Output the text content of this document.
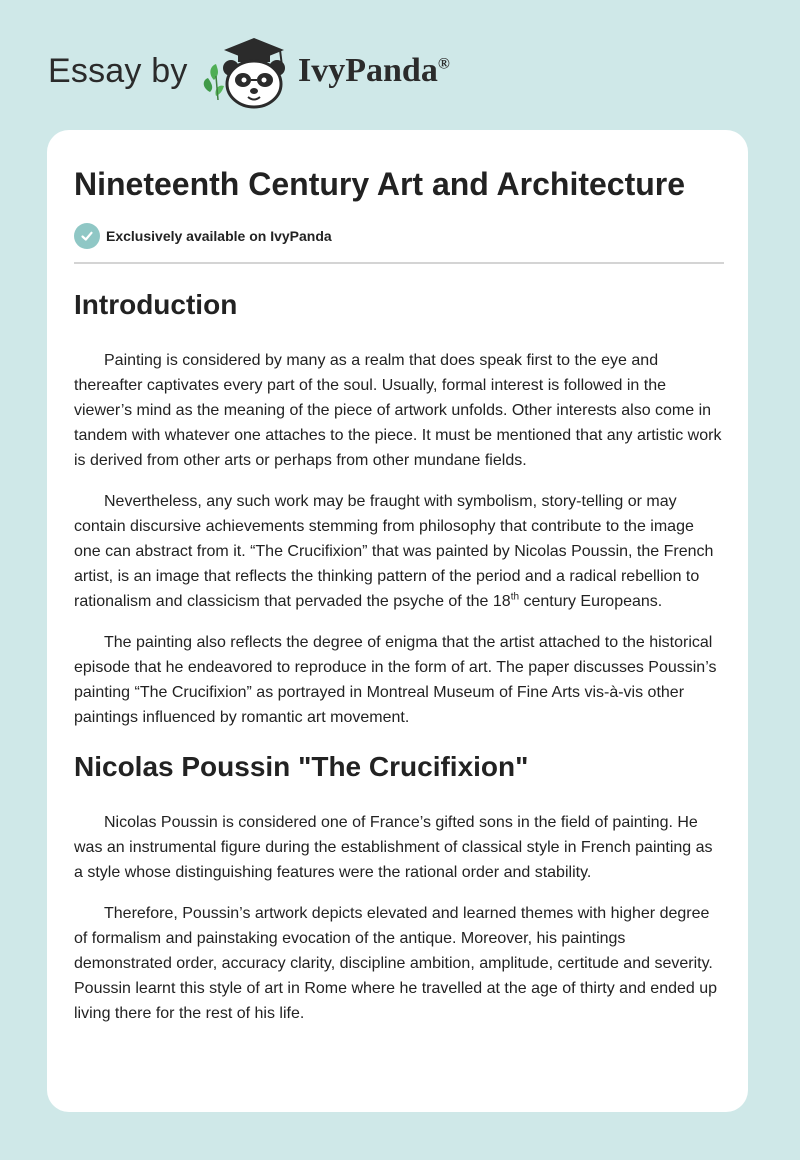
Essay by	IvyPanda®
Nineteenth Century Art and Architecture
Exclusively available on IvyPanda
Introduction

Painting is considered by many as a realm that does speak first to the eye and thereafter captivates every part of the soul. Usually, formal interest is followed in the viewer’s mind as the meaning of the piece of artwork unfolds. Other interests also come in tandem with whatever one attaches to the piece. It must be mentioned that any artistic work is derived from other arts or perhaps from other mundane fields.

Nevertheless, any such work may be fraught with symbolism, story-telling or may contain discursive achievements stemming from philosophy that contribute to the image one can abstract from it. “The Crucifixion” that was painted by Nicolas Poussin, the French artist, is an image that reflects the thinking pattern of the period and a radical rebellion to rationalism and classicism that pervaded the psyche of the 18th century Europeans.

The painting also reflects the degree of enigma that the artist attached to the historical episode that he endeavored to reproduce in the form of art. The paper discusses Poussin’s painting “The Crucifixion” as portrayed in Montreal Museum of Fine Arts vis-à-vis other paintings influenced by romantic art movement.

Nicolas Poussin "The Crucifixion"

Nicolas Poussin is considered one of France’s gifted sons in the field of painting. He was an instrumental figure during the establishment of classical style in French painting as a style whose distinguishing features were the rational order and stability.

Therefore, Poussin’s artwork depicts elevated and learned themes with higher degree of formalism and painstaking evocation of the antique. Moreover, his paintings demonstrated order, accuracy clarity, discipline ambition, amplitude, certitude and severity. Poussin learnt this style of art in Rome where he travelled at the age of thirty and ended up living there for the rest of his life.
